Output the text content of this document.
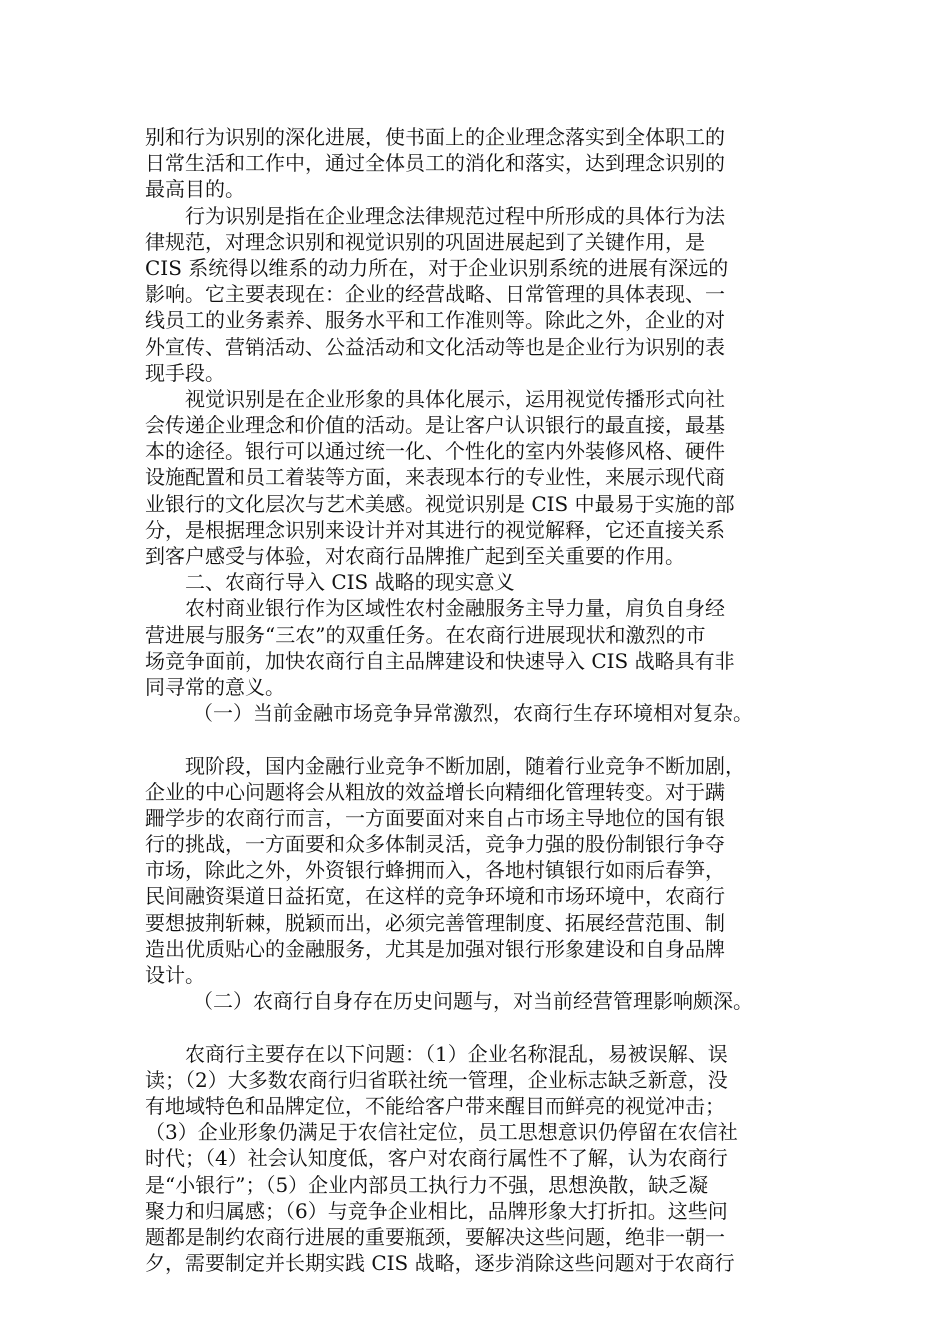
别和行为识别的深化进展，使书面上的企业理念落实到全体职工的
日常生活和工作中，通过全体员工的消化和落实，达到理念识别的
最高目的。
行为识别是指在企业理念法律规范过程中所形成的具体行为法
律规范，对理念识别和视觉识别的巩固进展起到了关键作用，是
CIS 系统得以维系的动力所在，对于企业识别系统的进展有深远的
影响。它主要表现在：企业的经营战略、日常管理的具体表现、一
线员工的业务素养、服务水平和工作准则等。除此之外，企业的对
外宣传、营销活动、公益活动和文化活动等也是企业行为识别的表
现手段。
视觉识别是在企业形象的具体化展示，运用视觉传播形式向社
会传递企业理念和价值的活动。是让客户认识银行的最直接，最基
本的途径。银行可以通过统一化、个性化的室内外装修风格、硬件
设施配置和员工着装等方面，来表现本行的专业性，来展示现代商
业银行的文化层次与艺术美感。视觉识别是 CIS 中最易于实施的部
分，是根据理念识别来设计并对其进行的视觉解释，它还直接关系
到客户感受与体验，对农商行品牌推广起到至关重要的作用。
二、农商行导入 CIS 战略的现实意义
农村商业银行作为区域性农村金融服务主导力量，肩负自身经
营进展与服务“三农”的双重任务。在农商行进展现状和激烈的市
场竞争面前，加快农商行自主品牌建设和快速导入 CIS 战略具有非
同寻常的意义。
（一）当前金融市场竞争异常激烈，农商行生存环境相对复杂。
现阶段，国内金融行业竞争不断加剧，随着行业竞争不断加剧，
企业的中心问题将会从粗放的效益增长向精细化管理转变。对于蹒
跚学步的农商行而言，一方面要面对来自占市场主导地位的国有银
行的挑战，一方面要和众多体制灵活，竞争力强的股份制银行争夺
市场，除此之外，外资银行蜂拥而入，各地村镇银行如雨后春笋，
民间融资渠道日益拓宽，在这样的竞争环境和市场环境中，农商行
要想披荆斩棘，脱颖而出，必须完善管理制度、拓展经营范围、制
造出优质贴心的金融服务，尤其是加强对银行形象建设和自身品牌
设计。
（二）农商行自身存在历史问题与，对当前经营管理影响颇深。
农商行主要存在以下问题：（1）企业名称混乱，易被误解、误
读；（2）大多数农商行归省联社统一管理，企业标志缺乏新意，没
有地域特色和品牌定位，不能给客户带来醒目而鲜亮的视觉冲击；
（3）企业形象仍满足于农信社定位，员工思想意识仍停留在农信社
时代；（4）社会认知度低，客户对农商行属性不了解，认为农商行
是“小银行”；（5）企业内部员工执行力不强，思想涣散，缺乏凝
聚力和归属感；（6）与竞争企业相比，品牌形象大打折扣。这些问
题都是制约农商行进展的重要瓶颈，要解决这些问题，绝非一朝一
夕，需要制定并长期实践 CIS 战略，逐步消除这些问题对于农商行
